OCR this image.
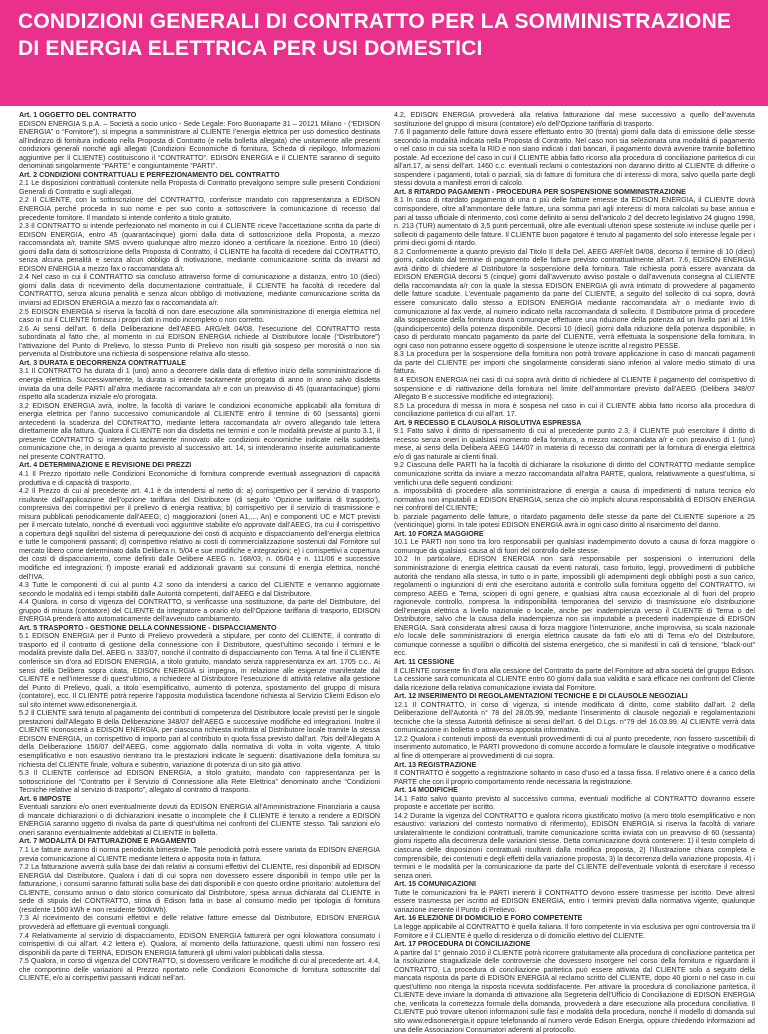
CONDIZIONI GENERALI DI CONTRATTO PER LA SOMMINISTRAZIONE
DI ENERGIA ELETTRICA PER USI DOMESTICI

Art. 1 OGGETTO DEL CONTRATTO

EDISON ENERGIA S.p.A. – Società a socio unico - Sede Legale: Foro Buonaparte 31 – 20121 Milano - (“EDISON ENERGIA” o “Fornitore”), si impegna a somministrare al CLIENTE l’energia elettrica per uso domestico destinata all’indirizzo di fornitura indicato nella Proposta di Contratto (e nella bolletta allegata) che unitamente alle presenti condizioni generali nonché agli allegati (Condizioni Economiche di fornitura, Scheda di riepilogo, Informazioni aggiuntive per il CLIENTE) costituiscono il “CONTRATTO”. EDISON ENERGIA e il CLIENTE saranno di seguito denominati singolarmente “PARTE” e congiuntamente “PARTI”.

Art. 2 CONDIZIONI CONTRATTUALI E PERFEZIONAMENTO DEL CONTRATTO

2.1 Le disposizioni contrattuali contenute nella Proposta di Contratto prevalgono sempre sulle presenti Condizioni Generali di Contratto e sugli allegati.

2.2 Il CLIENTE, con la sottoscrizione del CONTRATTO, conferisce mandato con rappresentanza a EDISON ENERGIA perché proceda in suo nome e per suo conto a sottoscrivere la comunicazione di recesso dal precedente fornitore. Il mandato si intende conferito a titolo gratuito.

2.3 Il CONTRATTO si intende perfezionato nel momento in cui il CLIENTE riceve l’accettazione scritta da parte di EDISON ENERGIA, entro 45 (quarantacinque) giorni dalla data di sottoscrizione della Proposta, a mezzo raccomandata a/r, tramite SMS ovvero qualunque altro mezzo idoneo a certificare la ricezione. Entro 10 (dieci) giorni dalla data di sottoscrizione della Proposta di Contratto, il CLIENTE ha facoltà di recedere dal CONTRATTO, senza alcuna penalità e senza alcun obbligo di motivazione, mediante comunicazione scritta da inviarsi ad EDISON ENERGIA a mezzo fax o raccomandata a/r.

2.4 Nel caso in cui il CONTRATTO sia concluso attraverso forme di comunicazione a distanza, entro 10 (dieci) giorni dalla data di ricevimento della documentazione contrattuale, il CLIENTE ha facoltà di recedere dal CONTRATTO, senza alcuna penalità e senza alcun obbligo di motivazione, mediante comunicazione scritta da inviarsi ad EDISON ENERGIA a mezzo fax o raccomandata a/r.

2.5 EDISON ENERGIA si riserva la facoltà di non dare esecuzione alla somministrazione di energia elettrica nel caso in cui il CLIENTE fornisca i propri dati in modo incompleto o non corretto.

2.6 Ai sensi dell’art. 6 della Deliberazione dell’AEEG ARG/elt 04/08, l’esecuzione del CONTRATTO resta subordinata al fatto che, al momento in cui EDISON ENERGIA richiede al Distributore locale (“Distributore”) l’attivazione del Punto di Prelievo, lo stesso Punto di Prelievo non risulti già sospeso per morosità o non sia pervenuta al Distributore una richiesta di sospensione relativa allo stesso.

Art. 3 DURATA E DECORRENZA CONTRATTUALE

3.1 Il CONTRATTO ha durata di 1 (uno) anno a decorrere dalla data di effettivo inizio della somministrazione di energia elettrica. Successivamente, la durata si intende tacitamente prorogata di anno in anno salvo disdetta inviata da una delle PARTI all’altra mediante raccomandata a/r e con un preavviso di 45 (quarantacinque) giorni rispetto alla scadenza iniziale e/o prorogata.

3.2 EDISON ENERGIA avrà, inoltre, la facoltà di variare le condizioni economiche applicabili alla fornitura di energia elettrica per l’anno successivo comunicandole al CLIENTE entro il termine di 60 (sessanta) giorni antecedenti la scadenza del CONTRATTO, mediante lettera raccomandata a/r ovvero allegando tale lettera direttamente alla fattura. Qualora il CLIENTE non dia disdetta nei termini e con le modalità previste al punto 3.1, il presente CONTRATTO si intenderà tacitamente rinnovato alle condizioni economiche indicate nella suddetta comunicazione che, in deroga a quanto previsto al successivo art. 14, si intenderanno inserite automaticamente nel presente CONTRATTO.

Art. 4 DETERMINAZIONE E REVISIONE DEI PREZZI

4.1 Il Prezzo riportato nelle Condizioni Economiche di fornitura comprende eventuali assegnazioni di capacità produttiva e di capacità di trasporto.

4.2 Il Prezzo di cui al precedente art. 4.1 è da intendersi al netto di: a) corrispettivo per il servizio di trasporto risultante dall’applicazione dell’opzione tariffaria del Distributore (di seguito ‘Opzione tariffaria di trasporto’), comprensiva dei corrispettivi per il prelievo di energia reattiva; b) corrispettivo per il servizio di trasmissione e misura pubblicati periodicamente dall’AEEG; c) maggiorazioni (oneri A1,..., An) e componenti UC e MCT previsti per il mercato tutelato, nonché di eventuali voci aggiuntive stabilite e/o approvate dall’AEEG, tra cui il corrispettivo a copertura degli squilibri del sistema di perequazione dei costi di acquisto e dispacciamento dell’energia elettrica e tutte le componenti passanti; d) corrispettivo relativo ai costi di commercializzazione sostenuti dal Fornitore sul mercato libero come determinato dalla Delibera n. 5/04 e sue modifiche e integrazioni; e) i corrispettivi a copertura dei costi di dispacciamento, come definiti dalle Delibere AEEG n. 168/03, n. 05/04 e n. 111/06 e successive modifiche ed integrazioni; f) imposte erariali ed addizionali gravanti sui consumi di energia elettrica, nonché dell’IVA.

4.3 Tutte le componenti di cui al punto 4.2 sono da intendersi a carico del CLIENTE e verranno aggiornate secondo le modalità ed i tempi stabiliti dalle Autorità competenti, dall’AEEG e dal Distributore.

4.4 Qualora, in corso di vigenza del CONTRATTO, si verificasse una sostituzione, da parte del Distributore, del gruppo di misura (contatore) del CLIENTE da integratore a orario e/o dell’Opzione tariffaria di trasporto, EDISON ENERGIA prenderà atto automaticamente dell’avvenuto cambiamento.

Art. 5 TRASPORTO - GESTIONE DELLA CONNESSIONE - DISPACCIAMENTO

5.1 EDISON ENERGIA per il Punto di Prelievo provvederà a stipulare, per conto del CLIENTE, il contratto di trasporto ed il contratto di gestione della connessione con il Distributore, quest’ultimo secondo i termini e le modalità previste dalla Del. AEEG n. 333/07, nonché il contratto di dispacciamento con Terna. A tal fine il CLIENTE conferisce sin d’ora ad EDISON ENERGIA, a titolo gratuito, mandato senza rappresentanza ex art. 1705 c.c.. Ai sensi della Delibera sopra citata, EDISON ENERGIA si impegna, in relazione alle esigenze manifestate dal CLIENTE e nell’interesse di quest’ultimo, a richiedere al Distributore l’esecuzione di attività relative alla gestione del Punto di Prelievo, quali, a titolo esemplificativo, aumento di potenza, spostamento del gruppo di misura (contatore), ecc. Il CLIENTE potrà reperire l’apposita modulistica facendone richiesta al Servizio Clienti Edison e/o sul sito internet www.edisonenergia.it.

5.2 Il CLIENTE sarà tenuto al pagamento dei contributi di competenza del Distributore locale previsti per le singole prestazioni dall’Allegato B della Deliberazione 348/07 dell’AEEG e successive modifiche ed integrazioni. Inoltre il CLIENTE riconoscerà a EDISON ENERGIA, per ciascuna richiesta inoltrata al Distributore locale tramite la stessa EDISON ENERGIA, un corrispettivo di importo pari al contributo in quota fissa previsto dall’art. 7bis dell’Allegato A della Deliberazione 156/07 dell’AEEG, come aggiornato dalla normativa di volta in volta vigente. A titolo esemplificativo e non esaustivo rientrano tra le prestazioni indicate le seguenti: disattivazione della fornitura su richiesta del CLIENTE finale, voltura e subentro, variazione di potenza di un sito già attivo.

5.3 Il CLIENTE conferisce ad EDISON ENERGIA, a titolo gratuito, mandato con rappresentanza per la sottoscrizione del “Contratto per il Servizio di Connessione alla Rete Elettrica” denominato anche “Condizioni Tecniche relative al servizio di trasporto”, allegato al contratto di trasporto.

Art. 6 IMPOSTE

Eventuali sanzioni e/o oneri eventualmente dovuti da EDISON ENERGIA all’Amministrazione Finanziaria a causa di mancate dichiarazioni o di dichiarazioni inesatte o incomplete che il CLIENTE è tenuto a rendere a EDISON ENERGIA saranno oggetto di rivalsa da parte di quest’ultima nei confronti del CLIENTE stesso. Tali sanzioni e/o oneri saranno eventualmente addebitati al CLIENTE in bolletta.

Art. 7 MODALITÀ DI FATTURAZIONE E PAGAMENTO

7.1 Le fatture avranno di norma periodicità bimestrale. Tale periodicità potrà essere variata da EDISON ENERGIA previa comunicazione al CLIENTE mediante lettera o apposita nota in fattura.

7.2 La fatturazione avverrà sulla base dei dati relativi ai consumi effettivi del CLIENTE, resi disponibili ad EDISON ENERGIA dal Distributore. Qualora i dati di cui sopra non dovessero essere disponibili in tempo utile per la fatturazione, i consumi saranno fatturati sulla base dei dati disponibili e con questo ordine prioritario: autolettura del CLIENTE, consumo annuo o dato storico comunicato dal Distributore, spesa annua dichiarata dal CLIENTE in sede di stipula del CONTRATTO, stima di Edison fatta in base al consumo medio per tipologia di fornitura (residente 1500 kWh e non residente 500kWh).

7.3 Al ricevimento dei consumi effettivi e delle relative fatture emesse dal Distributore, EDISON ENERGIA provvederà ad effettuare gli eventuali conguagli.

7.4 Relativamente al servizio di dispacciamento, EDISON ENERGIA fatturerà per ogni kilowattora consumato i corrispettivi di cui all’art. 4.2 lettera e). Qualora, al momento della fatturazione, questi ultimi non fossero resi disponibili da parte di TERNA, EDISON ENERGIA fatturerà gli ultimi valori pubblicati dalla stessa.

7.5 Qualora, in corso di vigenza del CONTRATTO, si dovessero verificare le modifiche di cui al precedente art. 4.4, che comportino delle variazioni al Prezzo riportato nelle Condizioni Economiche di fornitura sottoscritte dal CLIENTE, e/o ai corrispettivi passanti indicati nell’art.

4.2, EDISON ENERGIA provvederà alla relativa fatturazione dal mese successivo a quello dell’avvenuta sostituzione del gruppo di misura (contatore) e/o dell’Opzione tariffaria di trasporto.

7.6 Il pagamento delle fatture dovrà essere effettuato entro 30 (trenta) giorni dalla data di emissione delle stesse secondo la modalità indicata nella Proposta di Contratto. Nel caso non sia selezionata una modalità di pagamento o nel caso in cui sia scelta la RID e non siano indicati i dati bancari, il pagamento dovrà avvenire tramite bollettino postale. Ad eccezione del caso in cui il CLIENTE abbia fatto ricorso alla procedura di conciliazione paritetica di cui all’art.17, ai sensi dell’art. 1460 c.c. eventuali reclami o contestazioni non daranno diritto al CLIENTE di differire o sospendere i pagamenti, totali o parziali, sia di fatture di fornitura che di interessi di mora, salvo quella parte degli stessi dovuta a manifesti errori di calcolo.

Art. 8 RITARDO PAGAMENTI - PROCEDURA PER SOSPENSIONE SOMMINISTRAZIONE

8.1 In caso di ritardato pagamento di una o più delle fatture emesse da EDISON ENERGIA, il CLIENTE dovrà corrispondere, oltre all’ammontare delle fatture, una somma pari agli interessi di mora calcolati su base annua e pari al tasso ufficiale di riferimento, così come definito ai sensi dell’articolo 2 del decreto legislativo 24 giugno 1998, n. 213 (TUR) aumentato di 3,5 punti percentuali, oltre alle eventuali ulteriori spese sostenute ivi incluse quelle per i solleciti di pagamento delle fatture. Il CLIENTE buon pagatore è tenuto al pagamento del solo interesse legale per i primi dieci giorni di ritardo.

8.2 Conformemente a quanto previsto dal Titolo II della Del. AEEG ARF/elt 04/08, decorso il termine di 10 (dieci) giorni, calcolato dal termine di pagamento delle fatture previsto contrattualmente all’art. 7.6, EDISON ENERGIA avrà diritto di chiedere al Distributore la sospensione della fornitura. Tale richiesta potrà essere avanzata da EDISON ENERGIA decorsi 5 (cinque) giorni dall’avvenuto avviso postale o dall’avvenuta consegna al CLIENTE della raccomandata a/r con la quale la stessa EDISON ENERGIA gli avrà intimato di provvedere al pagamento delle fatture scadute. L’eventuale pagamento da parte del CLIENTE, a seguito del sollecito di cui sopra, dovrà essere comunicato dallo stesso a EDISON ENERGIA mediante raccomandata a/r o mediante invio di comunicazione al fax verde, al numero indicato nella raccomandata di sollecito. Il Distributore prima di procedere alla sospensione della fornitura dovrà comunque effettuare una riduzione della potenza ad un livello pari al 15% (quindicipercento) della potenza disponibile. Decorsi 10 (dieci) giorni dalla riduzione della potenza disponibile, in caso di perdurato mancato pagamento da parte del CLIENTE, verrà effettuata la sospensione della fornitura. In ogni caso non potranno essere oggetto di sospensione le utenze iscritte al registro PESSE.

8.3 La procedura per la sospensione della fornitura non potrà trovare applicazione in caso di mancati pagamenti da parte del CLIENTE per importi che singolarmente considerati siano inferiori al valore medio stimato di una fattura.

8.4 EDISON ENERGIA nei casi di cui sopra avrà diritto di richiedere al CLIENTE il pagamento del corrispettivo di sospensione e di riattivazione della fornitura nel limite dell’ammontare previsto dall’AEEG (Delibera 348/07 Allegato B e successive modifiche ed integrazioni).

8.5 La procedura di messa in mora è sospesa nel caso in cui il CLIENTE abbia fatto ricorso alla procedura di conciliazione paritetica di cui all’art. 17.

Art. 9 RECESSO E CLAUSOLA RISOLUTIVA ESPRESSA

9.1 Fatto salvo il diritto di ripensamento di cui al precedente punto 2.3, il CLIENTE può esercitare il diritto di recesso senza oneri in qualsiasi momento della fornitura, a mezzo raccomandata a/r e con preavviso di 1 (uno) mese, ai sensi della Delibera AEEG 144/07 in materia di recesso dai contratti per la fornitura di energia elettrica e/o di gas naturale ai clienti finali.

9.2 Ciascuna delle PARTI ha la facoltà di dichiarare la risoluzione di diritto del CONTRATTO mediante semplice comunicazione scritta da inviare a mezzo raccomandata all’altra PARTE, qualora, relativamente a quest’ultima, si verifichi una delle seguenti condizioni:

a. impossibilità di procedere alla somministrazione di energia a causa di impedimenti di natura tecnica e/o normativa non imputabili a EDISON ENERGIA, senza che ciò implichi alcuna responsabilità di EDISON ENERGIA nei confronti del CLIENTE;

b. parziale pagamento delle fatture, o ritardato pagamento delle stesse da parte del CLIENTE superiore a 25 (venticinque) giorni. In tale ipotesi EDISON ENERGIA avrà in ogni caso diritto al risarcimento del danno.

Art. 10 FORZA MAGGIORE

10.1 Le PARTI non sono tra loro responsabili per qualsiasi inadempimento dovuto a causa di forza maggiore o comunque da qualsiasi causa al di fuori del controllo delle stesse.

10.2 In particolare, EDISON ENERGIA non sarà responsabile per sospensioni o interruzioni della somministrazione di energia elettrica causati da eventi naturali, caso fortuito, leggi, provvedimenti di pubbliche autorità che rendano alla stessa, in tutto o in parte, impossibili gli adempimenti degli obblighi posti a suo carico, regolamenti o ingiunzioni di enti che esercitano autorità e controllo sulla fornitura oggetto del CONTRATTO, ivi compreso AEEG e Terna, scioperi di ogni genere, e qualsiasi altra causa eccezionale al di fuori del proprio ragionevole controllo, compresa la indisponibilità temporanea del servizio di trasmissione e/o distribuzione dell’energia elettrica a livello nazionale o locale, anche per inadempienza verso il CLIENTE di Terna o del Distributore, salvo che la causa della inadempienza non sia imputabile a precedenti inadempienze di EDISON ENERGIA. Sarà considerata altresì causa di forza maggiore l’interruzione, anche improvvisa, su scala nazionale e/o locale delle somministrazioni di energia elettrica causate da fatti e/o atti di Terna e/o del Distributore, comunque connesse a squilibri o difficoltà del sistema energetico, che si manifesti in cali di tensione, “black-out” ecc.

Art. 11 CESSIONE

Il CLIENTE consente fin d’ora alla cessione del Contratto da parte del Fornitore ad altra società del gruppo Edison. La cessione sarà comunicata al CLIENTE entro 60 giorni dalla sua validità e sarà efficace nei confronti del Cliente dalla ricezione della relativa comunicazione inviata dal Fornitore.

Art. 12 INSERIMENTO DI REGOLAMENTAZIONI TECNICHE E DI CLAUSOLE NEGOZIALI

12.1 Il CONTRATTO, in corso di vigenza, si intende modificato di diritto, come stabilito dall’art. 2 della Deliberazione dell’Autorità n° 78 del 28.05.99, mediante l’inserimento di clausole negoziali e regolamentazioni tecniche che la stessa Autorità definisce ai sensi dell’art. 6 del D.Lgs. n°79 del 16.03.99. Al CLIENTE verrà data comunicazione in bolletta o attraverso apposita informativa.

12.2 Qualora i contenuti imposti da eventuali provvedimenti di cui al punto precedente, non fossero suscettibili di inserimento automatico, le PARTI provvedono di comune accordo a formulare le clausole integrative o modificative al fine di ottemperare ai provvedimenti di cui sopra.

Art. 13 REGISTRAZIONE

Il CONTRATTO è soggetto a registrazione soltanto in caso d’uso ed a tassa fissa. Il relativo onere è a carico della PARTE che con il proprio comportamento rende necessaria la registrazione.

Art. 14 MODIFICHE

14.1 Fatto salvo quanto previsto al successivo comma, eventuali modifiche al CONTRATTO dovranno essere proposte e accettate per iscritto.

14.2 Durante la vigenza del CONTRATTO e qualora ricorra giustificato motivo (a mero titolo esemplificativo e non esaustivo: variazioni del contesto normativo di riferimento), EDISON ENERGIA si riserva la facoltà di variare unilateralmente le condizioni contrattuali, tramite comunicazione scritta inviata con un preavviso di 60 (sessanta) giorni rispetto alla decorrenza delle variazioni stesse. Detta comunicazione dovrà contenere: 1) il testo completo di ciascuna delle disposizioni contrattuali risultanti dalla modifica proposta, 2) l’illustrazione chiara completa e comprensibile, dei contenuti e degli effetti della variazione proposta, 3) la decorrenza della variazione proposta, 4) i termini e le modalità per la comunicazione da parte del CLIENTE dell’eventuale volontà di esercitare il recesso senza oneri.

Art. 15 COMUNICAZIONI

Tutte le comunicazioni fra le PARTI inerenti il CONTRATTO devono essere trasmesse per iscritto. Deve altresì essere trasmessa per iscritto ad EDISON ENERGIA, entro i termini previsti dalla normativa vigente, qualunque variazione inerente il Punto di Prelievo.

Art. 16 ELEZIONE DI DOMICILIO E FORO COMPETENTE

La legge applicabile al CONTRATTO è quella italiana. Il foro competente in via esclusiva per ogni controversia tra il Fornitore e il CLIENTE è quello di residenza o di domicilio elettivo del CLIENTE.

Art. 17 PROCEDURA DI CONCILIAZIONE

A partire dal 1° gennaio 2010 il CLIENTE potrà ricorrere gratuitamente alla procedura di conciliazione paritetica per la risoluzione stragiudiziale delle controversie che dovessero insorgere nel corso della fornitura e riguardanti il CONTRATTO. La procedura di conciliazione paritetica può essere attivata dal CLIENTE solo a seguito della mancata risposta da parte di EDISON ENERGIA al reclamo scritto del CLIENTE, dopo 40 giorni o nel caso in cui quest’ultimo non ritenga la risposta ricevuta soddisfacente. Per attivare la procedura di conciliazione paritetica, il CLIENTE deve inviare la domanda di attivazione alla Segreteria dell’Ufficio di Conciliazione di EDISON ENERGIA che, verificata la correttezza formale della domanda, provvederà a dare esecuzione alla procedura conciliativa. Il CLIENTE può trovare ulteriori informazioni sulle fasi e modalità della procedura, nonché il modello di domanda sul sito www.edisonenergia.it oppure telefonando al numero verde Edison Energia, oppure chiedendo informazioni ad una delle Associazioni Consumatori aderenti al protocollo.
